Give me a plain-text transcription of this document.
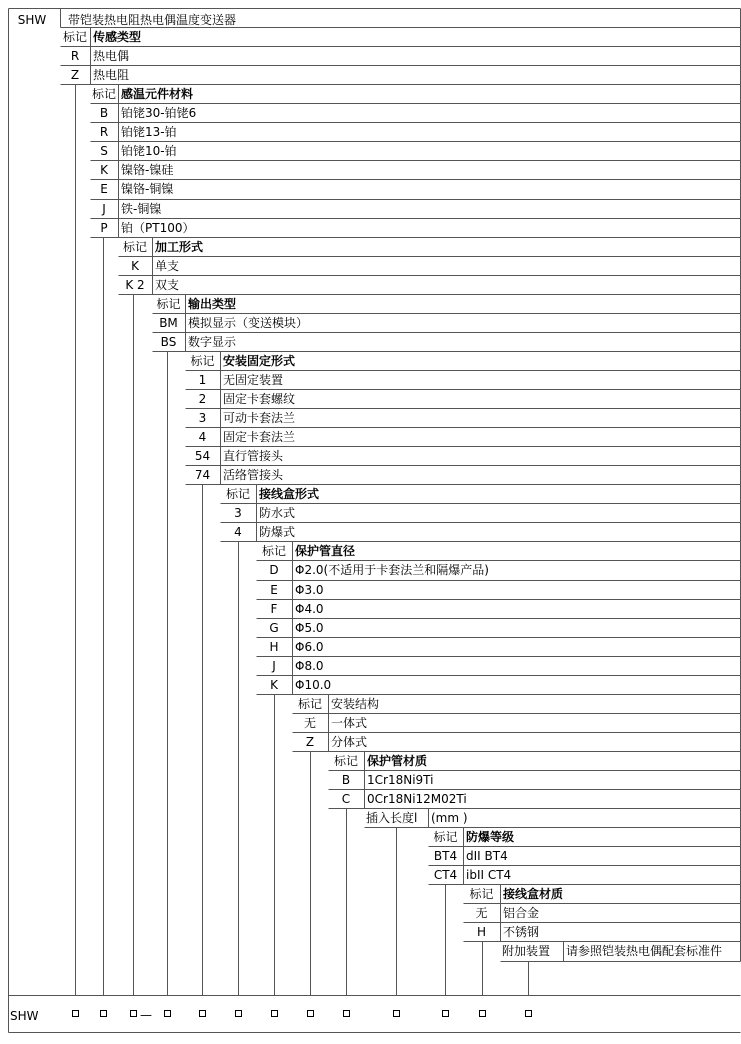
SHW	带铠装热电阻热电偶温度变送器
标记 传感类型
R	热电偶
Z	热电阻
标记 感温元件材料
B	铂铑30-铂铑6
R	铂铑13-铂
S	铂铑10-铂
K	镍铬-镍硅
E	镍铬-铜镍
J	铁-铜镍
P	铂（PT100）
标记 加工形式
K	单支
K 2 双支
标记 输出类型
BM 模拟显示（变送模块）
BS 数字显示
标记 安装固定形式
1	无固定装置
2	固定卡套螺纹
3	可动卡套法兰
4	固定卡套法兰
54	直行管接头
74	活络管接头
标记 接线盒形式
3	防水式
4	防爆式
标记 保护管直径
D	Φ2.0(不适用于卡套法兰和隔爆产品)
E	Φ3.0
F	Φ4.0
G	Φ5.0
H	Φ6.0
J	Φ8.0
K	Φ10.0
标记 安装结构
无	一体式
Z	分体式
标记 保护管材质
B	1Cr18Ni9Ti
C	0Cr18Ni12M02Ti
插入长度l (mm )
标记 防爆等级
BT4 dII BT4
CT4 ibII CT4
标记 接线盒材质
无	铝合金
H	不锈钢
附加装置 请参照铠装热电偶配套标准件
SHW	—
